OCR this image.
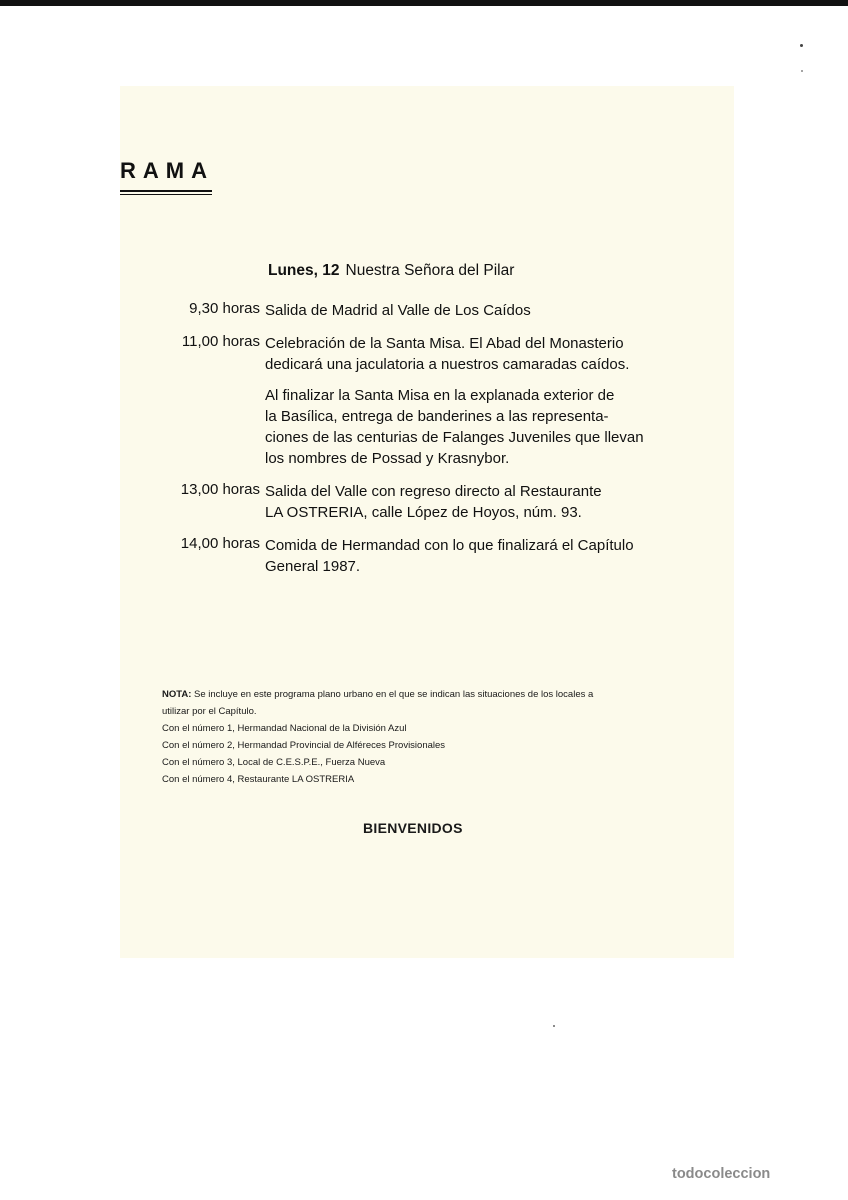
RAMA
Lunes, 12 Nuestra Señora del Pilar
9,30 horas Salida de Madrid al Valle de Los Caídos
11,00 horas Celebración de la Santa Misa. El Abad del Monasterio
dedicará una jaculatoria a nuestros camaradas caídos.
Al finalizar la Santa Misa en la explanada exterior de
la Basílica, entrega de banderines a las representa-
ciones de las centurias de Falanges Juveniles que llevan
los nombres de Possad y Krasnybor.
13,00 horas Salida del Valle con regreso directo al Restaurante
LA OSTRERIA, calle López de Hoyos, núm. 93.
14,00 horas Comida de Hermandad con lo que finalizará el Capítulo
General 1987.

NOTA: Se incluye en este programa plano urbano en el que se indican las situaciones de los locales a

utilizar por el Capítulo.

Con el número 1, Hermandad Nacional de la División Azul

Con el número 2, Hermandad Provincial de Alféreces Provisionales

Con el número 3, Local de C.E.S.P.E., Fuerza Nueva

Con el número 4, Restaurante LA OSTRERIA

BIENVENIDOS
todocoleccion
